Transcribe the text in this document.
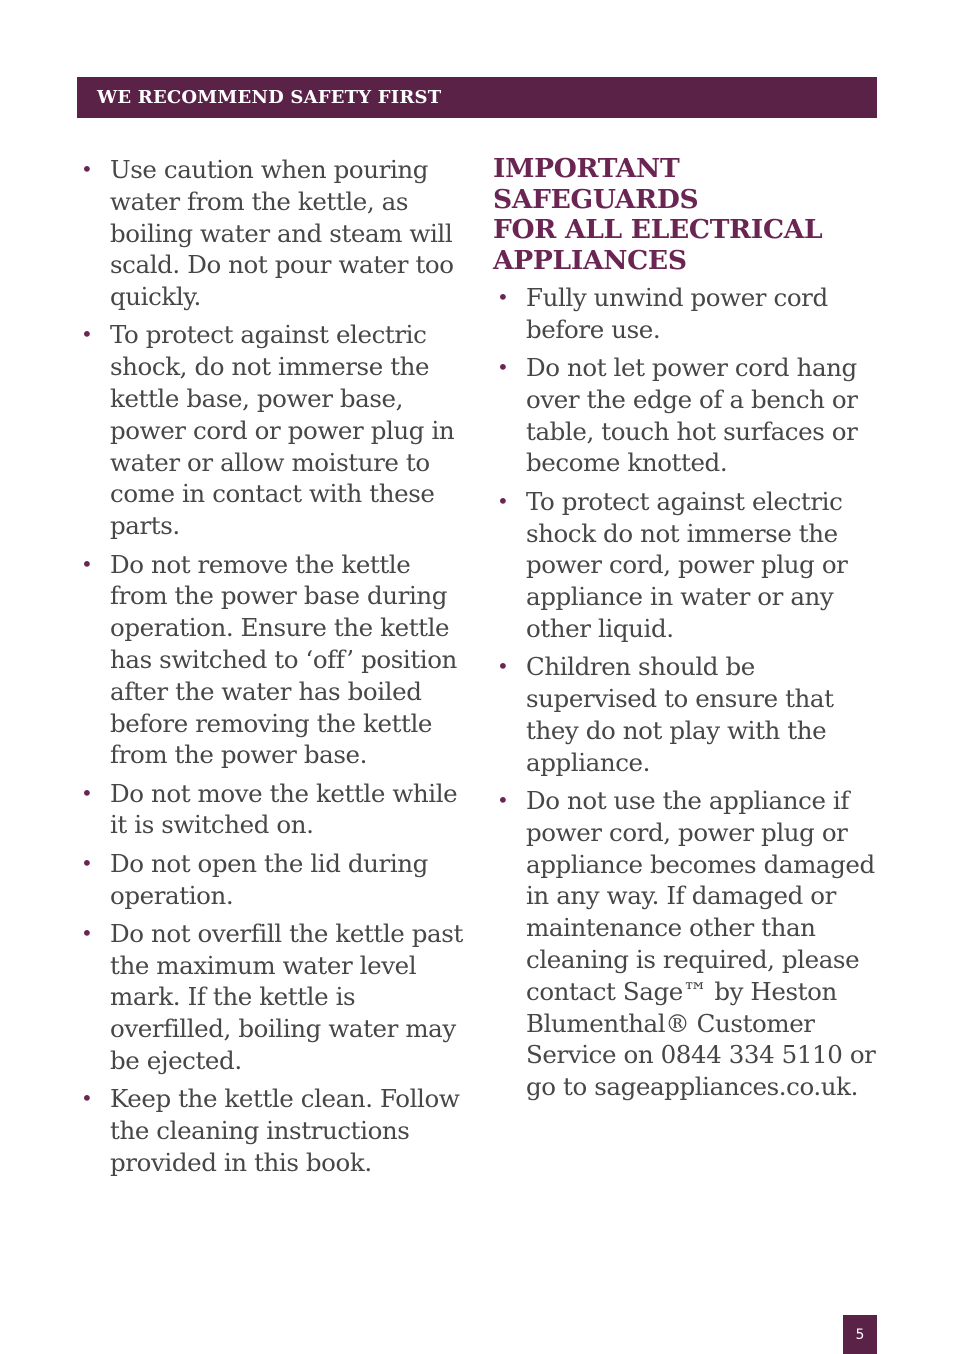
WE RECOMMEND SAFETY FIRST
• Use caution when pouring water from the kettle, as boiling water and steam will scald. Do not pour water too quickly.
• To protect against electric shock, do not immerse the kettle base, power base, power cord or power plug in water or allow moisture to come in contact with these parts.
• Do not remove the kettle from the power base during operation. Ensure the kettle has switched to ‘off’ position after the water has boiled before removing the kettle from the power base.
• Do not move the kettle while it is switched on.
• Do not open the lid during operation.
• Do not overfill the kettle past the maximum water level mark. If the kettle is overfilled, boiling water may be ejected.
• Keep the kettle clean. Follow the cleaning instructions provided in this book.
IMPORTANT SAFEGUARDS
FOR ALL ELECTRICAL
APPLIANCES
• Fully unwind power cord before use.
• Do not let power cord hang over the edge of a bench or table, touch hot surfaces or become knotted.
• To protect against electric shock do not immerse the power cord, power plug or appliance in water or any other liquid.
• Children should be supervised to ensure that they do not play with the appliance.
• Do not use the appliance if power cord, power plug or appliance becomes damaged in any way. If damaged or maintenance other than cleaning is required, please contact Sage™ by Heston Blumenthal® Customer Service on 0844 334 5110 or go to sageappliances.co.uk.
5
